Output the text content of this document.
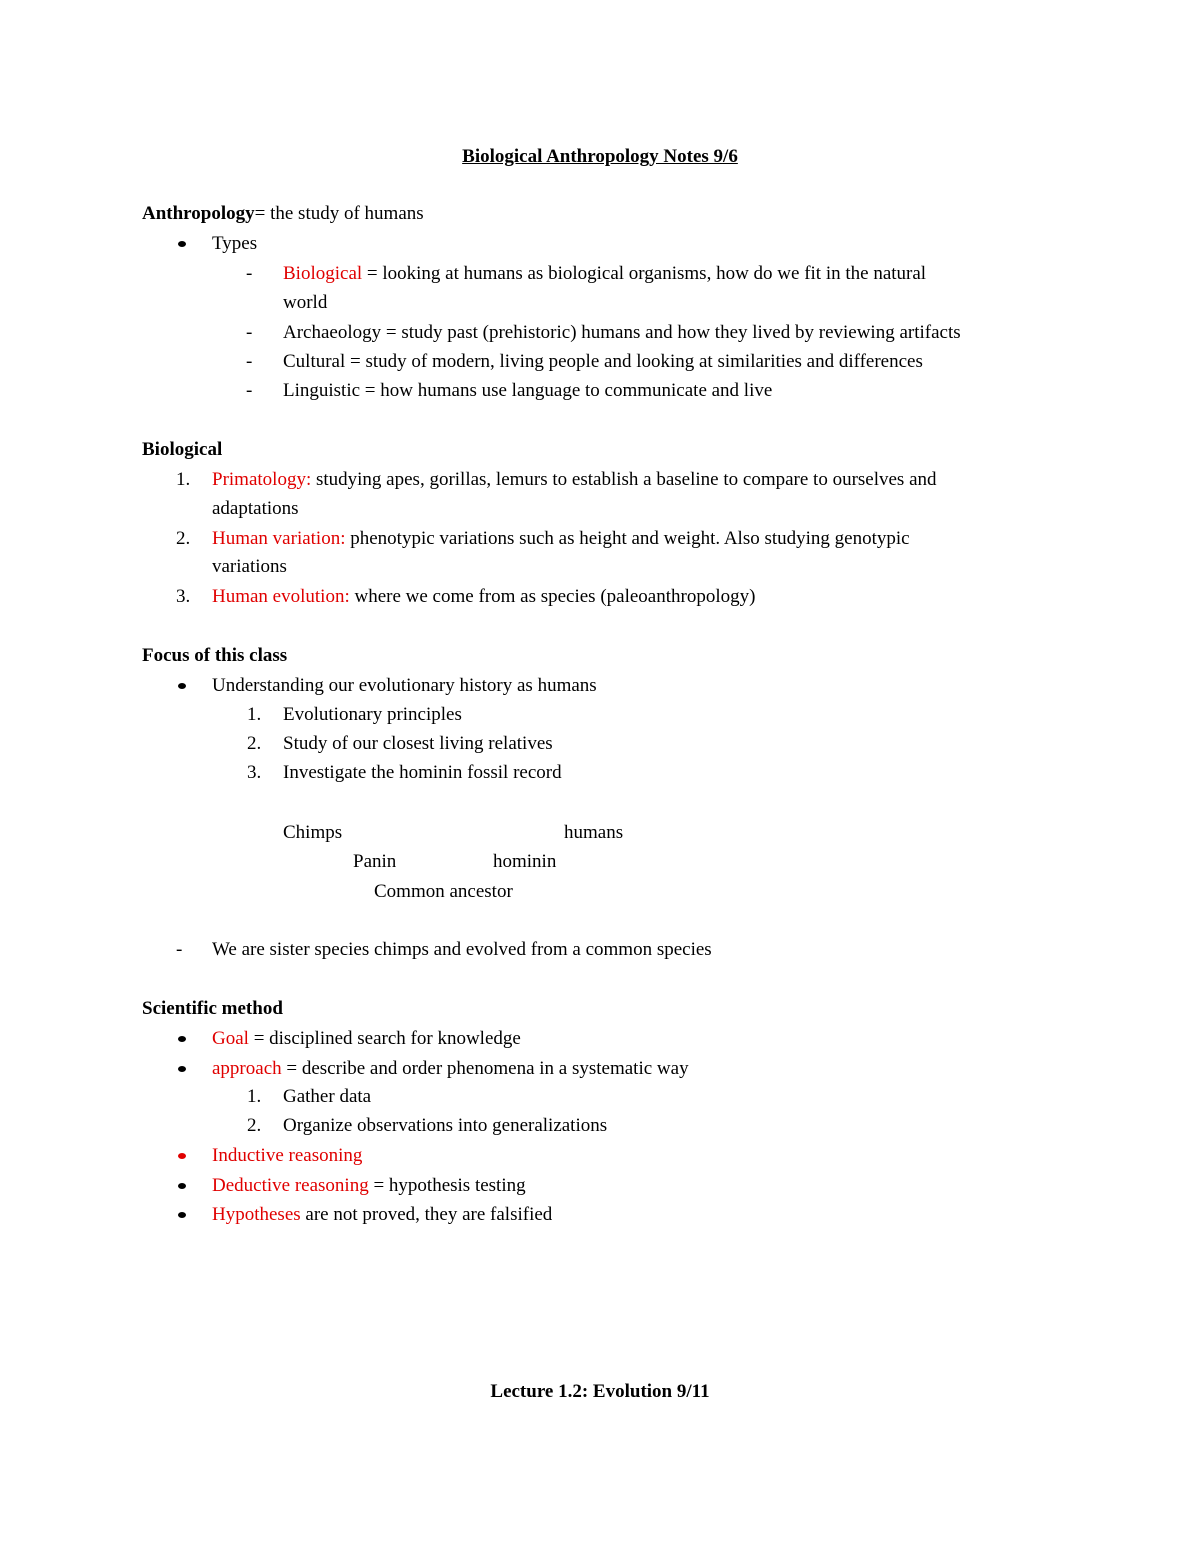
Biological Anthropology Notes 9/6
Anthropology= the study of humans
Types
- Biological = looking at humans as biological organisms, how do we fit in the natural
world
- Archaeology = study past (prehistoric) humans and how they lived by reviewing artifacts
- Cultural = study of modern, living people and looking at similarities and differences
- Linguistic = how humans use language to communicate and live
Biological
1. Primatology: studying apes, gorillas, lemurs to establish a baseline to compare to ourselves and
adaptations
2. Human variation: phenotypic variations such as height and weight. Also studying genotypic
variations
3. Human evolution: where we come from as species (paleoanthropology)
Focus of this class
Understanding our evolutionary history as humans
1. Evolutionary principles
2. Study of our closest living relatives
3. Investigate the hominin fossil record
Chimps	humans
Panin	hominin
Common ancestor
- We are sister species chimps and evolved from a common species
Scientific method
Goal = disciplined search for knowledge
approach = describe and order phenomena in a systematic way
1. Gather data
2. Organize observations into generalizations
Inductive reasoning
Deductive reasoning = hypothesis testing
Hypotheses are not proved, they are falsified
Lecture 1.2: Evolution 9/11
